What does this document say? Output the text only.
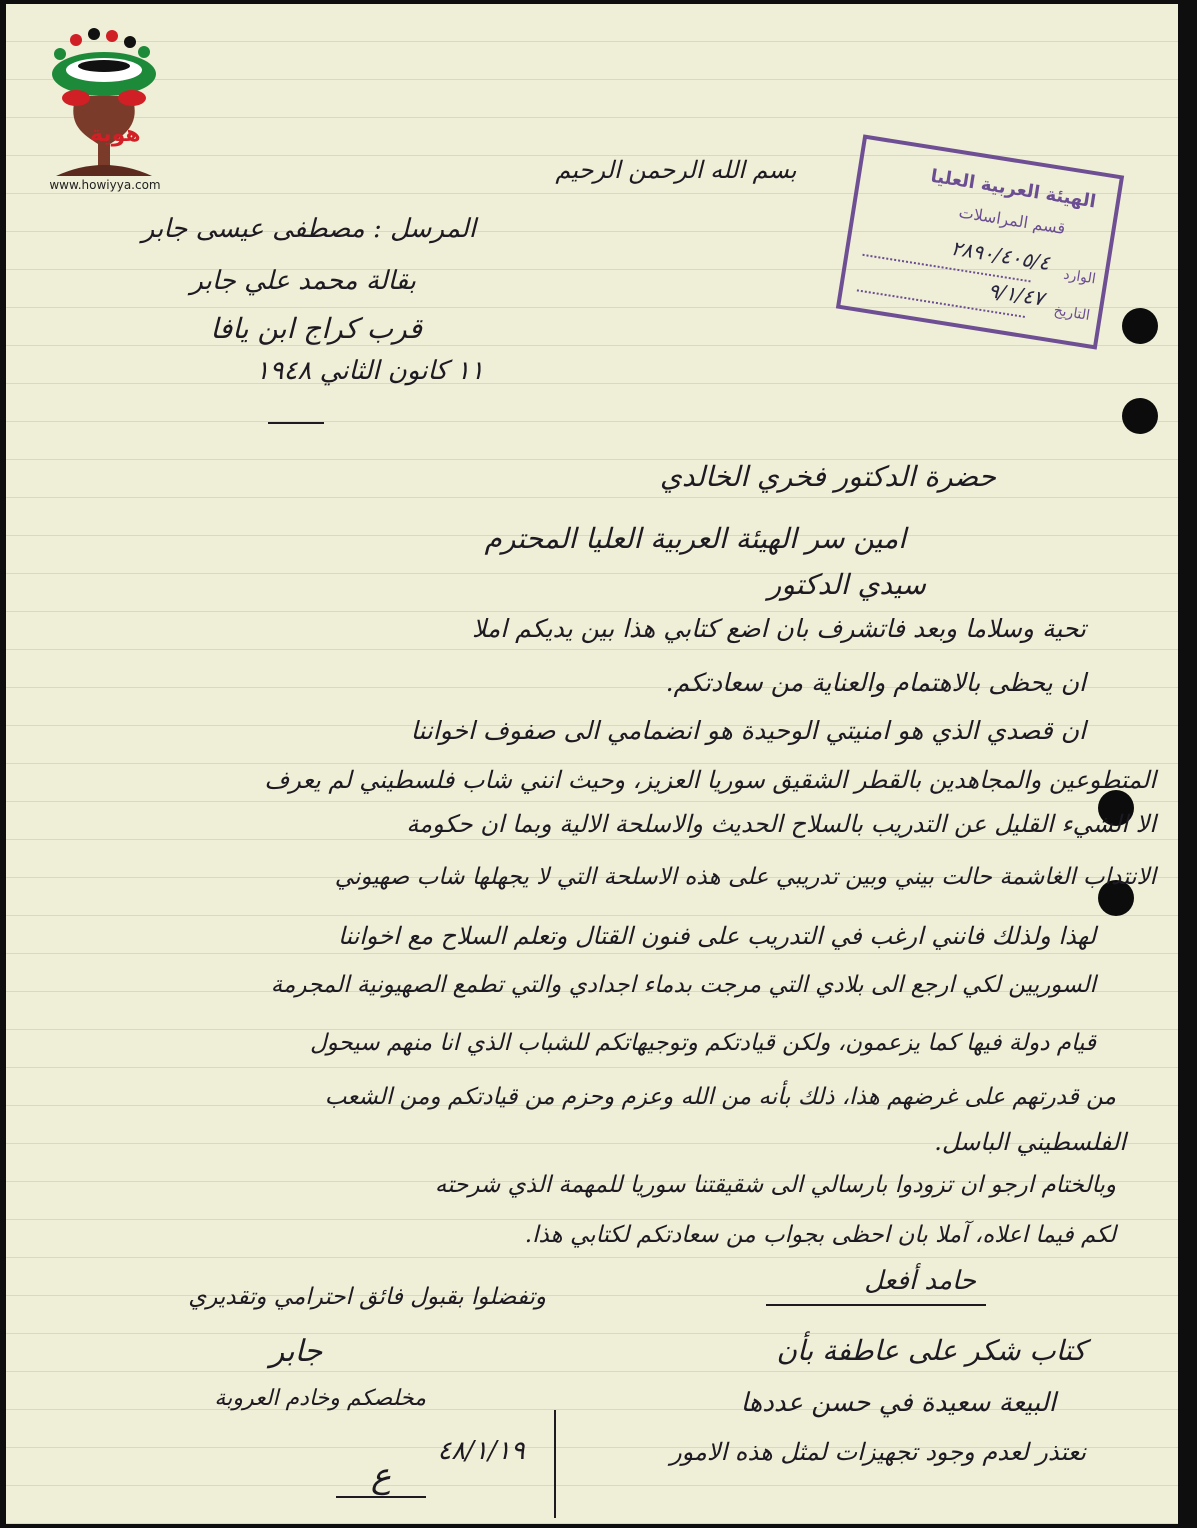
هوية
www.howiyya.com	الهيئة العربية العليا
قسم المراسلات
٢٨٩٠/٤٠٥/٤
الوارد
٩/١/٤٧
التاريخ
بسم الله الرحمن الرحيم
المرسل : مصطفى عيسى جابر
بقالة محمد علي جابر
قرب كراج ابن يافا
١١ كانون الثاني ١٩٤٨
حضرة الدكتور فخري الخالدي
امين سر الهيئة العربية العليا المحترم
سيدي الدكتور
تحية وسلاما وبعد فاتشرف بان اضع كتابي هذا بين يديكم املا
ان يحظى بالاهتمام والعناية من سعادتكم.
ان قصدي الذي هو امنيتي الوحيدة هو انضمامي الى صفوف اخواننا
المتطوعين والمجاهدين بالقطر الشقيق سوريا العزيز، وحيث انني شاب فلسطيني لم يعرف
الا الشيء القليل عن التدريب بالسلاح الحديث والاسلحة الالية وبما ان حكومة
الانتداب الغاشمة حالت بيني وبين تدريبي على هذه الاسلحة التي لا يجهلها شاب صهيوني
لهذا ولذلك فانني ارغب في التدريب على فنون القتال وتعلم السلاح مع اخواننا
السوريين لكي ارجع الى بلادي التي مرجت بدماء اجدادي والتي تطمع الصهيونية المجرمة
قيام دولة فيها كما يزعمون، ولكن قيادتكم وتوجيهاتكم للشباب الذي انا منهم سيحول
من قدرتهم على غرضهم هذا، ذلك بأنه من الله وعزم وحزم من قيادتكم ومن الشعب
الفلسطيني الباسل.
وبالختام ارجو ان تزودوا بارسالي الى شقيقتنا سوريا للمهمة الذي شرحته
لكم فيما اعلاه، آملا بان احظى بجواب من سعادتكم لكتابي هذا.
حامد أفعل
وتفضلوا بقبول فائق احترامي وتقديري
جابر
مخلصكم وخادم العروبة
كتاب شكر على عاطفة بأن
البيعة سعيدة في حسن عددها
نعتذر لعدم وجود تجهيزات لمثل هذه الامور
٤٨/١/١٩
ع
